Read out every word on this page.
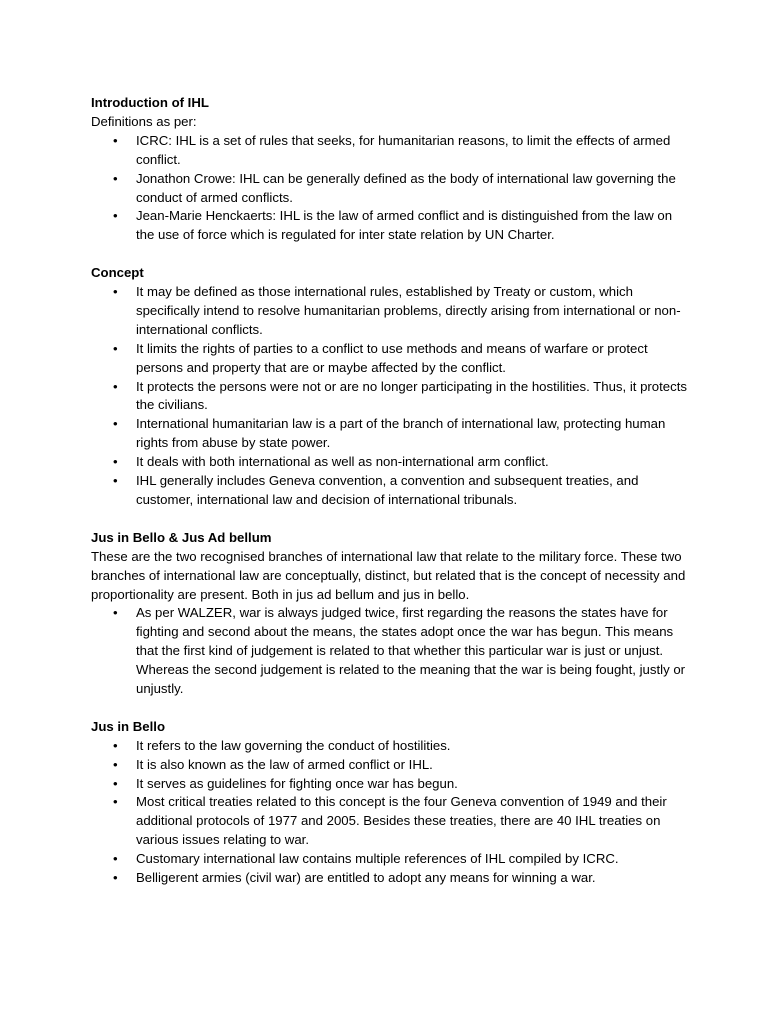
Introduction of IHL

Definitions as per:

• ICRC: IHL is a set of rules that seeks, for humanitarian reasons, to limit the effects of armed conflict.
• Jonathon Crowe: IHL can be generally defined as the body of international law governing the conduct of armed conflicts.
• Jean-Marie Henckaerts: IHL is the law of armed conflict and is distinguished from the law on the use of force which is regulated for inter state relation by UN Charter.

Concept

• It may be defined as those international rules, established by Treaty or custom, which specifically intend to resolve humanitarian problems, directly arising from international or non-international conflicts.
• It limits the rights of parties to a conflict to use methods and means of warfare or protect persons and property that are or maybe affected by the conflict.
• It protects the persons were not or are no longer participating in the hostilities. Thus, it protects the civilians.
• International humanitarian law is a part of the branch of international law, protecting human rights from abuse by state power.
• It deals with both international as well as non-international arm conflict.
• IHL generally includes Geneva convention, a convention and subsequent treaties, and customer, international law and decision of international tribunals.

Jus in Bello & Jus Ad bellum

These are the two recognised branches of international law that relate to the military force. These two branches of international law are conceptually, distinct, but related that is the concept of necessity and proportionality are present. Both in jus ad bellum and jus in bello.

• As per WALZER, war is always judged twice, first regarding the reasons the states have for fighting and second about the means, the states adopt once the war has begun. This means that the first kind of judgement is related to that whether this particular war is just or unjust. Whereas the second judgement is related to the meaning that the war is being fought, justly or unjustly.

Jus in Bello

• It refers to the law governing the conduct of hostilities.
• It is also known as the law of armed conflict or IHL.
• It serves as guidelines for fighting once war has begun.
• Most critical treaties related to this concept is the four Geneva convention of 1949 and their additional protocols of 1977 and 2005. Besides these treaties, there are 40 IHL treaties on various issues relating to war.
• Customary international law contains multiple references of IHL compiled by ICRC.
• Belligerent armies (civil war) are entitled to adopt any means for winning a war.
